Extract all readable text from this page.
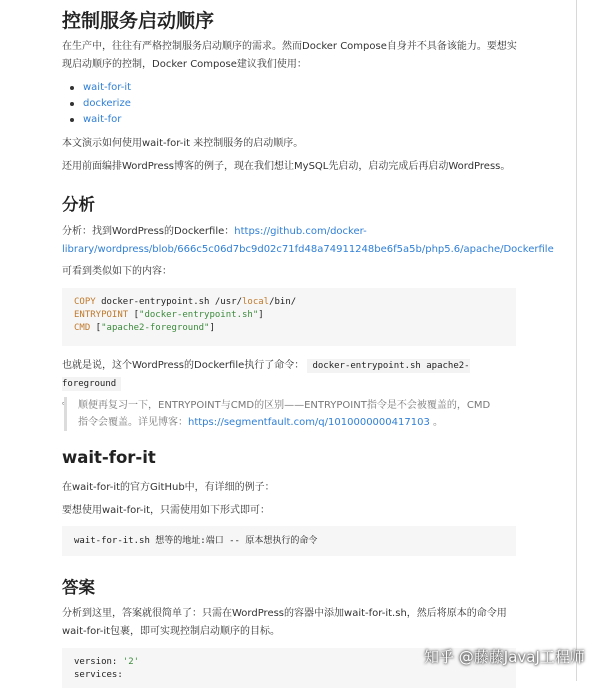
控制服务启动顺序

在生产中，往往有严格控制服务启动顺序的需求。然而Docker Compose自身并不具备该能力。要想实现启动顺序的控制，Docker Compose建议我们使用：

wait-for-it
dockerize
wait-for

本文演示如何使用wait-for-it 来控制服务的启动顺序。

还用前面编排WordPress博客的例子，现在我们想让MySQL先启动，启动完成后再启动WordPress。

分析

分析：找到WordPress的Dockerfile：https://github.com/docker-
library/wordpress/blob/666c5c06d7bc9d02c71fd48a74911248be6f5a5b/php5.6/apache/Dockerfile

可看到类似如下的内容：

COPY docker-entrypoint.sh /usr/local/bin/
ENTRYPOINT ["docker-entrypoint.sh"]
CMD ["apache2-foreground"]

也就是说，这个WordPress的Dockerfile执行了命令： docker-entrypoint.sh apache2-foreground
。 顺便再复习一下，ENTRYPOINT与CMD的区别——ENTRYPOINT指令是不会被覆盖的，CMD

指令会覆盖。详见博客：https://segmentfault.com/q/1010000000417103 。

wait-for-it

在wait-for-it的官方GitHub中，有详细的例子：

要想使用wait-for-it，只需使用如下形式即可：

wait-for-it.sh 想等的地址:端口 -- 原本想执行的命令
答案

分析到这里，答案就很简单了：只需在WordPress的容器中添加wait-for-it.sh，然后将原本的命令用
wait-for-it包裹，即可实现控制启动顺序的目标。

version: '2'
services:
知乎 @藤藤JavaJ工程师
